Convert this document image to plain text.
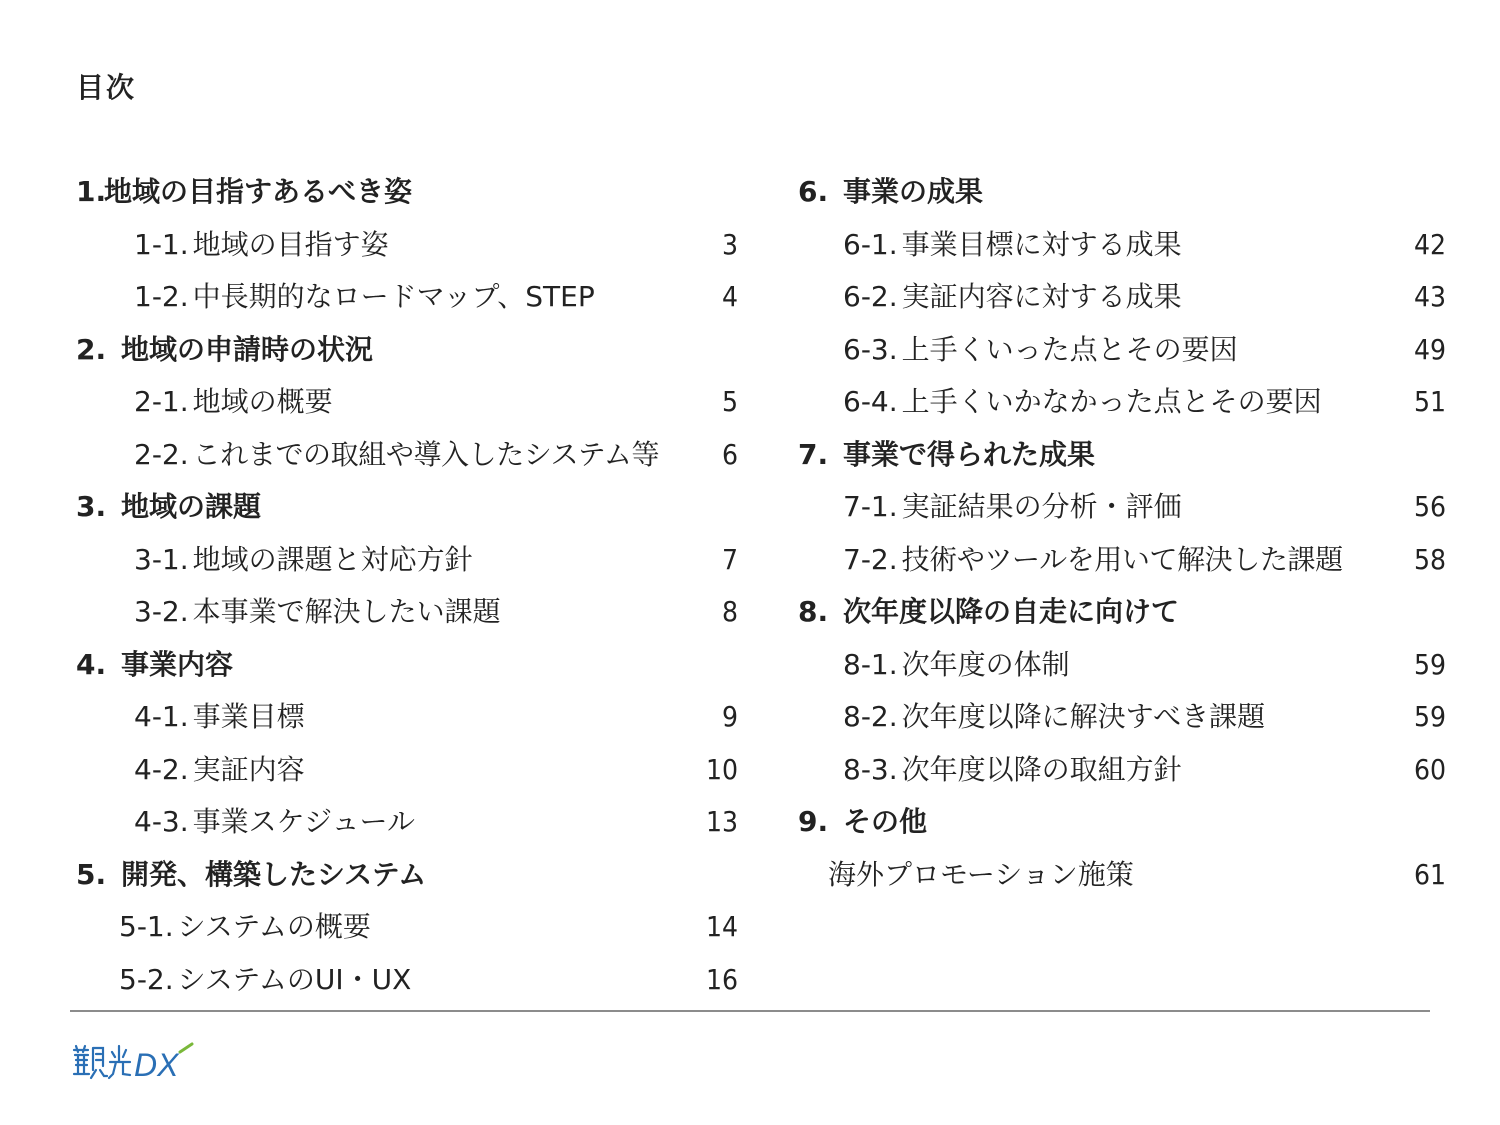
目次
1.地域の目指すあるべき姿
1-1. 地域の目指す姿	3
1-2. 中長期的なロードマップ、STEP	4
2. 地域の申請時の状況
2-1. 地域の概要	5
2-2. これまでの取組や導入したシステム等 6
3. 地域の課題
3-1. 地域の課題と対応方針	7
3-2. 本事業で解決したい課題	8
4. 事業内容
4-1. 事業目標	9
4-2. 実証内容	10
4-3. 事業スケジュール	13
5. 開発、構築したシステム
5-1. システムの概要	14
5-2. システムのUI・UX	16
6. 事業の成果
6-1. 事業目標に対する成果	42
6-2. 実証内容に対する成果	43
6-3. 上手くいった点とその要因	49
6-4. 上手くいかなかった点とその要因	51
7. 事業で得られた成果
7-1. 実証結果の分析・評価	56
7-2. 技術やツールを用いて解決した課題	58
8. 次年度以降の自走に向けて
8-1. 次年度の体制	59
8-2. 次年度以降に解決すべき課題	59
8-3. 次年度以降の取組方針	60
9. その他
海外プロモーション施策	61
DX
